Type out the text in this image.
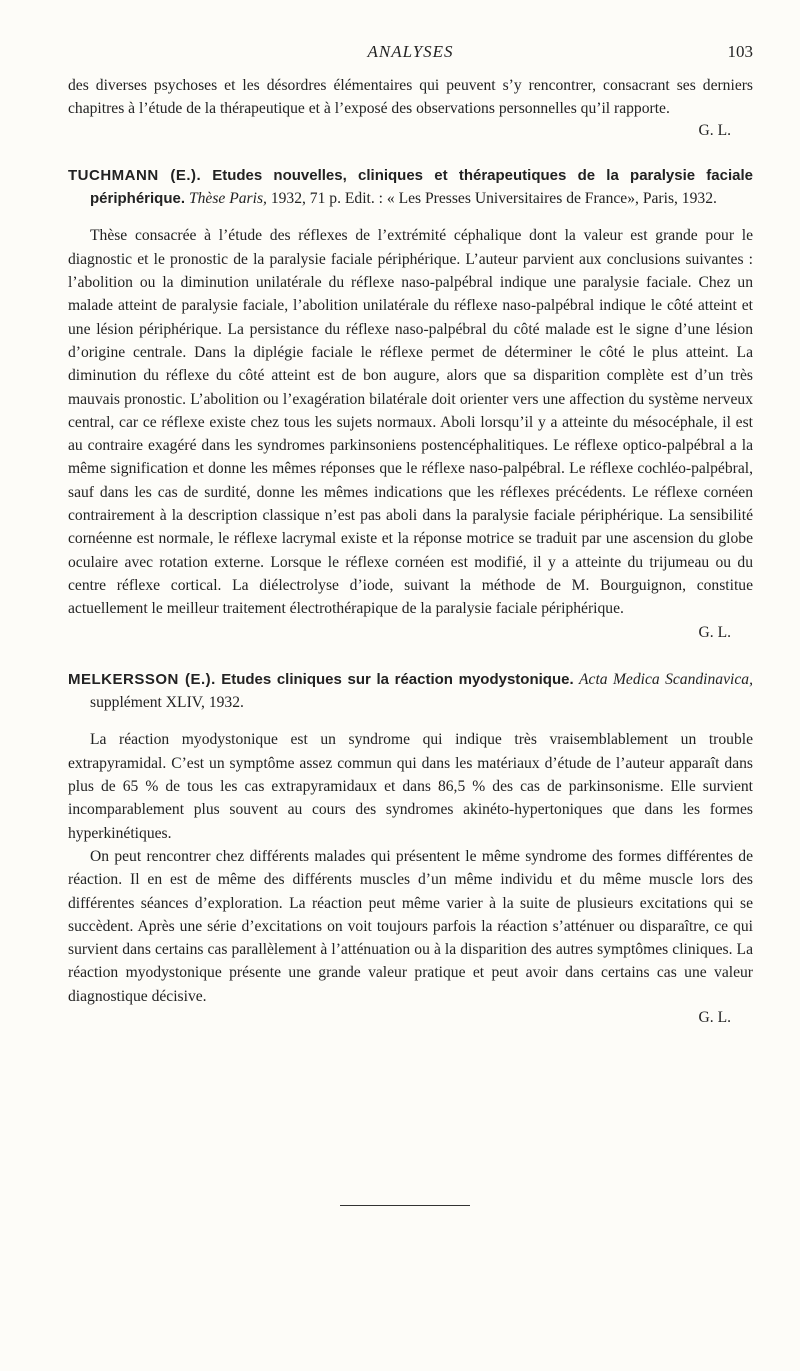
ANALYSES	103

des diverses psychoses et les désordres élémentaires qui peuvent s’y rencontrer, consacrant ses derniers chapitres à l’étude de la thérapeutique et à l’exposé des observations personnelles qu’il rapporte.

G. L.

TUCHMANN (E.). Etudes nouvelles, cliniques et thérapeutiques de la paralysie faciale périphérique. Thèse Paris, 1932, 71 p. Edit. : « Les Presses Universitaires de France», Paris, 1932.

Thèse consacrée à l’étude des réflexes de l’extrémité céphalique dont la valeur est grande pour le diagnostic et le pronostic de la paralysie faciale périphérique. L’auteur parvient aux conclusions suivantes : l’abolition ou la diminution unilatérale du réflexe naso-palpébral indique une paralysie faciale. Chez un malade atteint de paralysie faciale, l’abolition unilatérale du réflexe naso-palpébral indique le côté atteint et une lésion périphérique. La persistance du réflexe naso-palpébral du côté malade est le signe d’une lésion d’origine centrale. Dans la diplégie faciale le réflexe permet de déterminer le côté le plus atteint. La diminution du réflexe du côté atteint est de bon augure, alors que sa disparition complète est d’un très mauvais pronostic. L’abolition ou l’exagération bilatérale doit orienter vers une affection du système nerveux central, car ce réflexe existe chez tous les sujets normaux. Aboli lorsqu’il y a atteinte du mésocéphale, il est au contraire exagéré dans les syndromes parkinsoniens postencéphalitiques. Le réflexe optico-palpébral a la même signification et donne les mêmes réponses que le réflexe naso-palpébral. Le réflexe cochléo-palpébral, sauf dans les cas de surdité, donne les mêmes indications que les réflexes précédents. Le réflexe cornéen contrairement à la description classique n’est pas aboli dans la paralysie faciale périphérique. La sensibilité cornéenne est normale, le réflexe lacrymal existe et la réponse motrice se traduit par une ascension du globe oculaire avec rotation externe. Lorsque le réflexe cornéen est modifié, il y a atteinte du trijumeau ou du centre réflexe cortical. La diélectrolyse d’iode, suivant la méthode de M. Bourguignon, constitue actuellement le meilleur traitement électrothérapique de la paralysie faciale périphérique.

G. L.

MELKERSSON (E.). Etudes cliniques sur la réaction myodystonique. Acta Medica Scandinavica, supplément XLIV, 1932.

La réaction myodystonique est un syndrome qui indique très vraisemblablement un trouble extrapyramidal. C’est un symptôme assez commun qui dans les matériaux d’étude de l’auteur apparaît dans plus de 65 % de tous les cas extrapyramidaux et dans 86,5 % des cas de parkinsonisme. Elle survient incomparablement plus souvent au cours des syndromes akinéto-hypertoniques que dans les formes hyperkinétiques.

On peut rencontrer chez différents malades qui présentent le même syndrome des formes différentes de réaction. Il en est de même des différents muscles d’un même individu et du même muscle lors des différentes séances d’exploration. La réaction peut même varier à la suite de plusieurs excitations qui se succèdent. Après une série d’excitations on voit toujours parfois la réaction s’atténuer ou disparaître, ce qui survient dans certains cas parallèlement à l’atténuation ou à la disparition des autres symptômes cliniques. La réaction myodystonique présente une grande valeur pratique et peut avoir dans certains cas une valeur diagnostique décisive.

G. L.
